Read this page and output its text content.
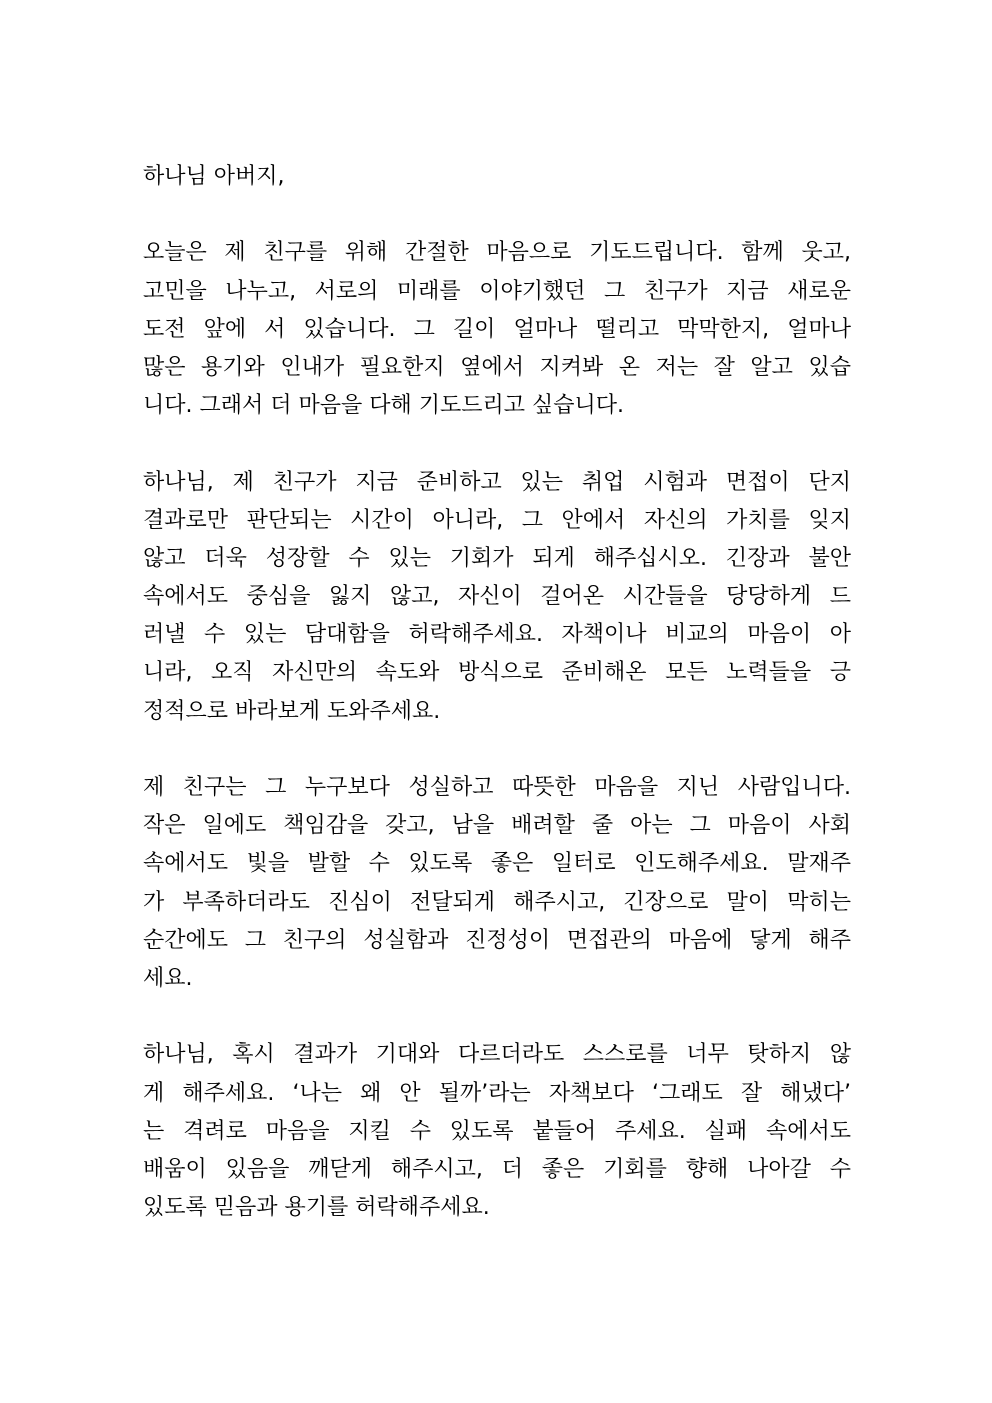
하나님 아버지,
오늘은 제 친구를 위해 간절한 마음으로 기도드립니다. 함께 웃고,
고민을 나누고, 서로의 미래를 이야기했던 그 친구가 지금 새로운
도전 앞에 서 있습니다. 그 길이 얼마나 떨리고 막막한지, 얼마나
많은 용기와 인내가 필요한지 옆에서 지켜봐 온 저는 잘 알고 있습
니다. 그래서 더 마음을 다해 기도드리고 싶습니다.
하나님, 제 친구가 지금 준비하고 있는 취업 시험과 면접이 단지
결과로만 판단되는 시간이 아니라, 그 안에서 자신의 가치를 잊지
않고 더욱 성장할 수 있는 기회가 되게 해주십시오. 긴장과 불안
속에서도 중심을 잃지 않고, 자신이 걸어온 시간들을 당당하게 드
러낼 수 있는 담대함을 허락해주세요. 자책이나 비교의 마음이 아
니라, 오직 자신만의 속도와 방식으로 준비해온 모든 노력들을 긍
정적으로 바라보게 도와주세요.
제 친구는 그 누구보다 성실하고 따뜻한 마음을 지닌 사람입니다.
작은 일에도 책임감을 갖고, 남을 배려할 줄 아는 그 마음이 사회
속에서도 빛을 발할 수 있도록 좋은 일터로 인도해주세요. 말재주
가 부족하더라도 진심이 전달되게 해주시고, 긴장으로 말이 막히는
순간에도 그 친구의 성실함과 진정성이 면접관의 마음에 닿게 해주
세요.
하나님, 혹시 결과가 기대와 다르더라도 스스로를 너무 탓하지 않
게 해주세요. ‘나는 왜 안 될까’라는 자책보다 ‘그래도 잘 해냈다’
는 격려로 마음을 지킬 수 있도록 붙들어 주세요. 실패 속에서도
배움이 있음을 깨닫게 해주시고, 더 좋은 기회를 향해 나아갈 수
있도록 믿음과 용기를 허락해주세요.
